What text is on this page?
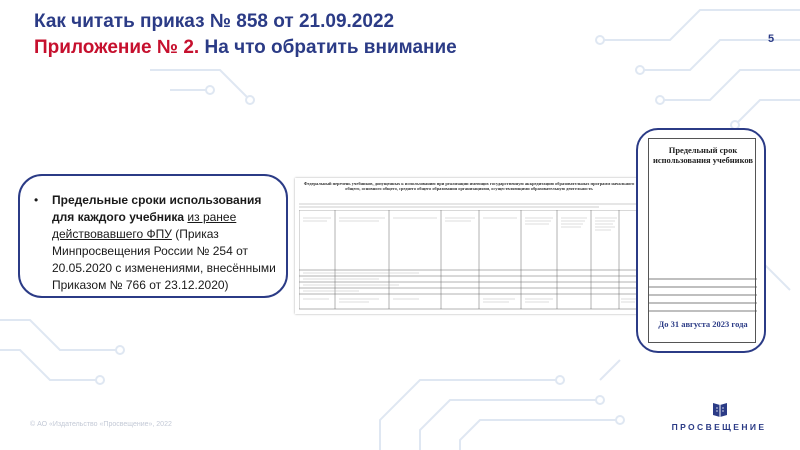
Как читать приказ № 858 от 21.09.2022
Приложение № 2. На что обратить внимание	5
• Предельные сроки использования для каждого учебника из ранее действовавшего ФПУ (Приказ Минпросвещения России № 254 от 20.05.2020 с изменениями, внесёнными Приказом № 766 от 23.12.2020)
Федеральный перечень учебников, допущенных к использованию при реализации имеющих государственную аккредитацию образовательных программ начального общего, основного общего, среднего общего образования организациями, осуществляющими образовательную деятельность
Предельный срок использования учебников
До 31 августа 2023 года
© АО «Издательство «Просвещение», 2022	ПРОСВЕЩЕНИЕ
